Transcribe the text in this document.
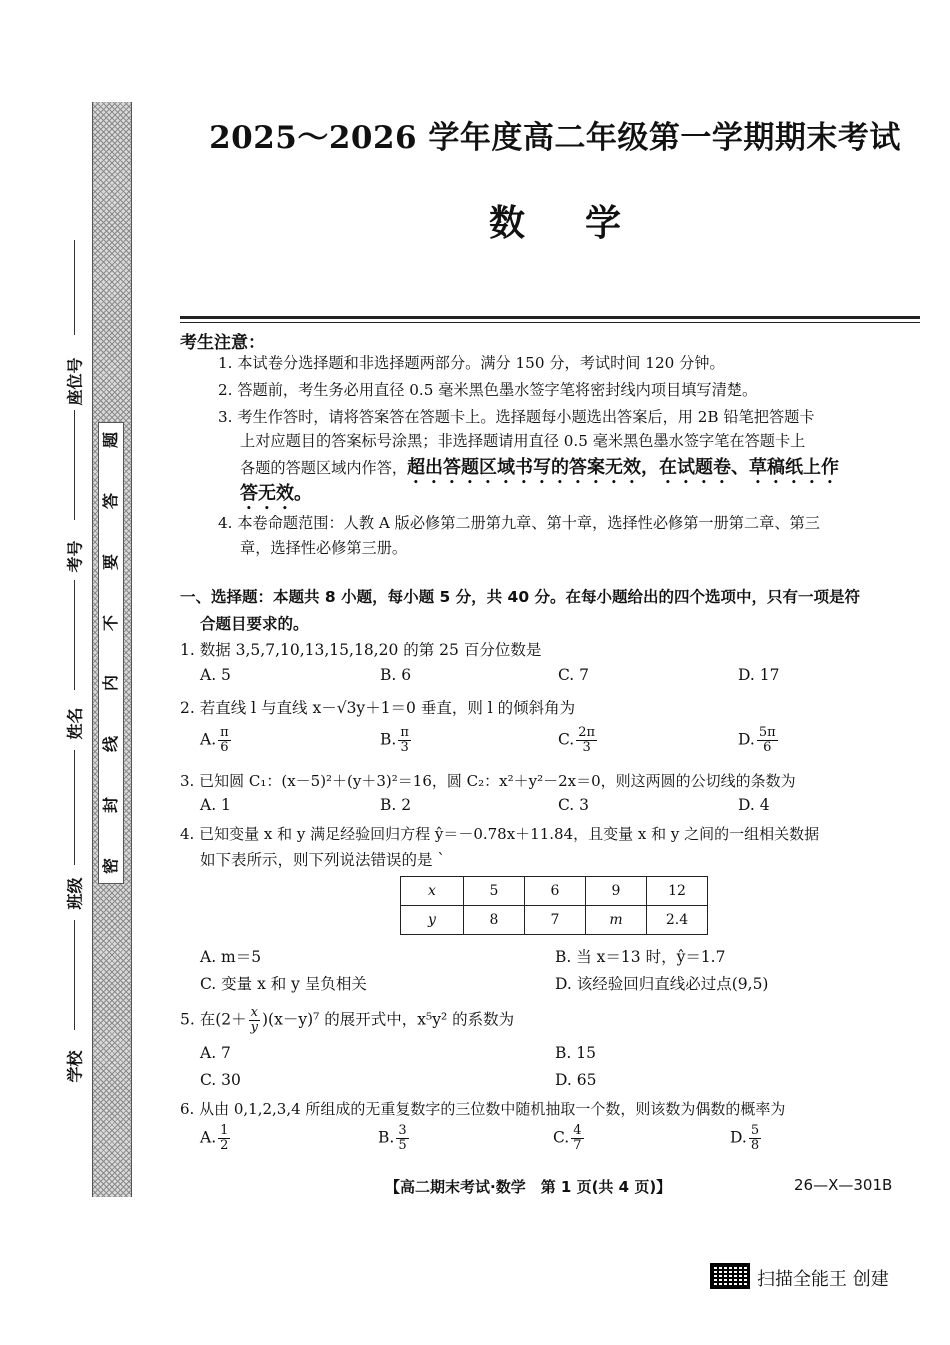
题
答
要
不
内
线
封
密
座位号
考号
姓名
班级
学校
2025～2026 学年度高二年级第一学期期末考试
数学
考生注意：
1. 本试卷分选择题和非选择题两部分。满分 150 分，考试时间 120 分钟。
2. 答题前，考生务必用直径 0.5 毫米黑色墨水签字笔将密封线内项目填写清楚。
3. 考生作答时，请将答案答在答题卡上。选择题每小题选出答案后，用 2B 铅笔把答题卡
上对应题目的答案标号涂黑；非选择题请用直径 0.5 毫米黑色墨水签字笔在答题卡上
各题的答题区域内作答，超出答题区域书写的答案无效，在试题卷、草稿纸上作
答无效。
4. 本卷命题范围：人教 A 版必修第二册第九章、第十章，选择性必修第一册第二章、第三
章，选择性必修第三册。
一、选择题：本题共 8 小题，每小题 5 分，共 40 分。在每小题给出的四个选项中，只有一项是符
合题目要求的。
1. 数据 3,5,7,10,13,15,18,20 的第 25 百分位数是
A. 5	B. 6	C. 7	D. 17
2. 若直线 l 与直线 x－√3y＋1＝0 垂直，则 l 的倾斜角为
A. $\frac{\pi}{6}$	B. $\frac{\pi}{3}$	C. $\frac{2\pi}{3}$	D. $\frac{5\pi}{6}$
3. 已知圆 C₁：(x－5)²＋(y＋3)²＝16，圆 C₂：x²＋y²－2x＝0，则这两圆的公切线的条数为
A. 1	B. 2	C. 3	D. 4
4. 已知变量 x 和 y 满足经验回归方程 ŷ＝－0.78x＋11.84，且变量 x 和 y 之间的一组相关数据
如下表所示，则下列说法错误的是 `
x	5	6	9	12
y	8	7	m	2.4
A. m＝5	B. 当 x＝13 时，ŷ＝1.7
C. 变量 x 和 y 呈负相关	D. 该经验回归直线必过点(9,5)
5. 在$(2+ \frac{x}{y} )(x-y)^7$ 的展开式中，x⁵y² 的系数为
A. 7	B. 15
C. 30	D. 65
6. 从由 0,1,2,3,4 所组成的无重复数字的三位数中随机抽取一个数，则该数为偶数的概率为
A. $\frac{1}{2}$	B. $\frac{3}{5}$	C. $\frac{4}{7}$	D. $\frac{5}{8}$
【高二期末考试·数学　第 1 页(共 4 页)】	26—X—301B
扫描全能王 创建
